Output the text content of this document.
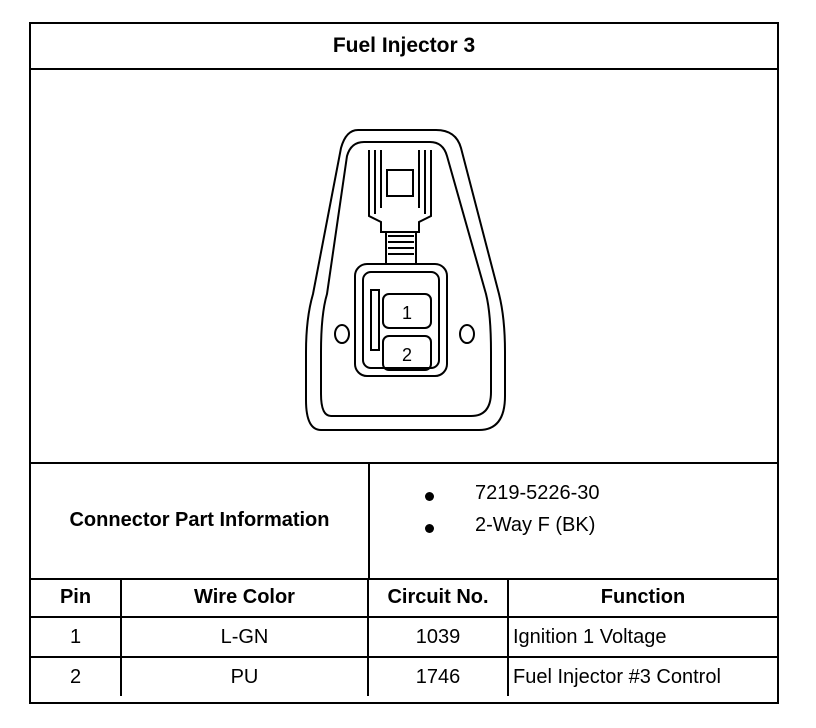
Fuel Injector 3
1
2
Connector Part Information
7219-5226-30
2-Way F (BK)
Pin	Wire Color	Circuit No.	Function
1	L-GN	1039	Ignition 1 Voltage
2	PU	1746	Fuel Injector #3 Control
